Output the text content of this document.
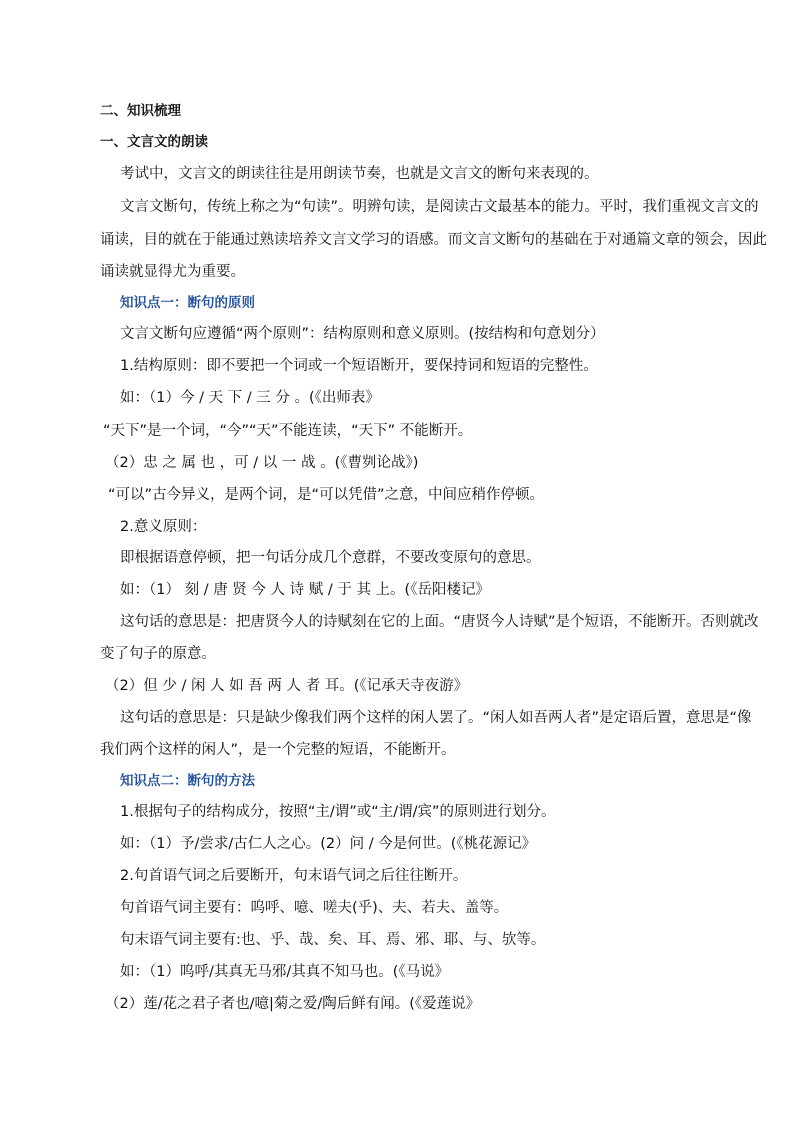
二、知识梳理
一、文言文的朗读
考试中，文言文的朗读往往是用朗读节奏，也就是文言文的断句来表现的。
文言文断句，传统上称之为“句读”。明辨句读，是阅读古文最基本的能力。平时，我们重视文言文的
诵读，目的就在于能通过熟读培养文言文学习的语感。而文言文断句的基础在于对通篇文章的领会，因此
诵读就显得尤为重要。
知识点一：断句的原则
文言文断句应遵循“两个原则”：结构原则和意义原则。(按结构和句意划分）
1.结构原则：即不要把一个词或一个短语断开，要保持词和短语的完整性。
如：（1）今 / 天 下 / 三 分 。(《出师表》
“天下”是一个词，“今”“天”不能连读，“天下” 不能断开。
（2）忠 之 属 也 ，可 / 以 一 战 。(《曹刿论战》)
“可以”古今异义，是两个词，是“可以凭借”之意，中间应稍作停顿。
2.意义原则：
即根据语意停顿，把一句话分成几个意群，不要改变原句的意思。
如：（1） 刻 / 唐 贤 今 人 诗 赋 / 于 其 上。(《岳阳楼记》
这句话的意思是：把唐贤今人的诗赋刻在它的上面。“唐贤今人诗赋”是个短语，不能断开。否则就改
变了句子的原意。
（2）但 少 / 闲 人 如 吾 两 人 者 耳。(《记承天寺夜游》
这句话的意思是：只是缺少像我们两个这样的闲人罢了。“闲人如吾两人者”是定语后置，意思是“像
我们两个这样的闲人”，是一个完整的短语，不能断开。
知识点二：断句的方法
1.根据句子的结构成分，按照“主/谓”或“主/谓/宾”的原则进行划分。
如：（1）予/尝求/古仁人之心。(2）问 / 今是何世。(《桃花源记》
2.句首语气词之后要断开，句末语气词之后往往断开。
句首语气词主要有：呜呼、噫、嗟夫(乎)、夫、若夫、盖等。
句末语气词主要有:也、乎、哉、矣、耳、焉、邪、耶、与、欤等。
如：（1）呜呼/其真无马邪/其真不知马也。(《马说》
（2）莲/花之君子者也/噫|菊之爱/陶后鲜有闻。(《爱莲说》
